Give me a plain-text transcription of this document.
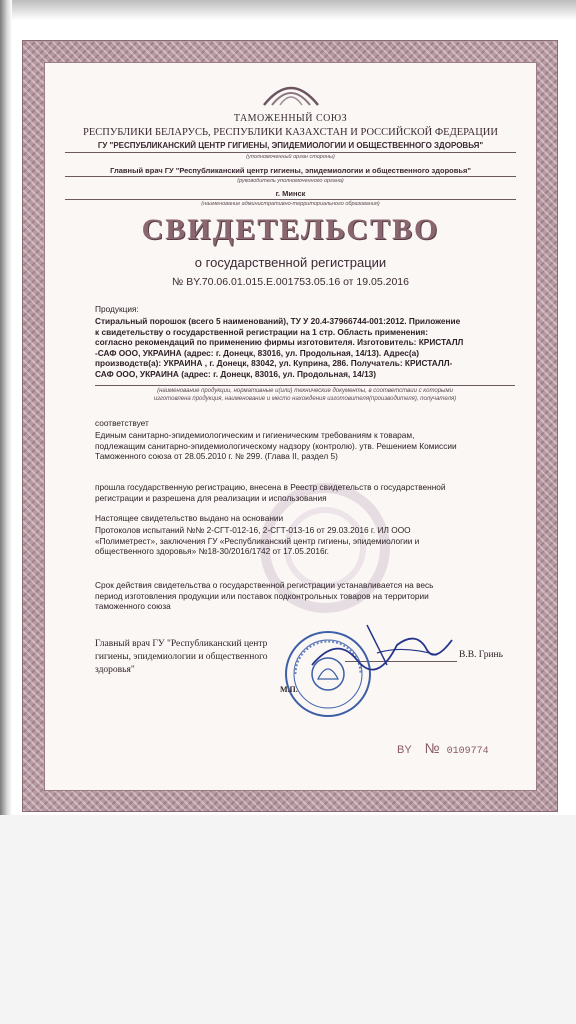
ТАМОЖЕННЫЙ СОЮЗ
РЕСПУБЛИКИ БЕЛАРУСЬ, РЕСПУБЛИКИ КАЗАХСТАН И РОССИЙСКОЙ ФЕДЕРАЦИИ
ГУ "РЕСПУБЛИКАНСКИЙ ЦЕНТР ГИГИЕНЫ, ЭПИДЕМИОЛОГИИ И ОБЩЕСТВЕННОГО ЗДОРОВЬЯ"
(уполномоченный орган стороны)
Главный врач ГУ "Республиканский центр гигиены, эпидемиологии и общественного здоровья"
(руководитель уполномоченного органа)
г. Минск
(наименование административно-территориального образования)
СВИДЕТЕЛЬСТВО
о государственной регистрации
№ BY.70.06.01.015.E.001753.05.16 от 19.05.2016
Продукция:
Стиральный порошок (всего 5 наименований), ТУ У 20.4-37966744-001:2012. Приложение
к свидетельству о государственной регистрации на 1 стр. Область применения:
согласно рекомендаций по применению фирмы изготовителя. Изготовитель: КРИСТАЛЛ
-САФ ООО, УКРАИНА (адрес: г. Донецк, 83016, ул. Продольная, 14/13). Адрес(а)
производств(а): УКРАИНА , г. Донецк, 83042, ул. Куприна, 286. Получатель: КРИСТАЛЛ-
САФ ООО, УКРАИНА (адрес: г. Донецк, 83016, ул. Продольная, 14/13)
(наименование продукции, нормативные и(или) технические документы, в соответствии с которыми
изготовлена продукция, наименование и место нахождения изготовителя(производителя), получателя)
соответствует
Единым санитарно-эпидемиологическим и гигиеническим требованиям к товарам,
подлежащим санитарно-эпидемиологическому надзору (контролю). утв. Решением Комиссии
Таможенного союза от 28.05.2010 г. № 299. (Глава II, раздел 5)
прошла государственную регистрацию, внесена в Реестр свидетельств о государственной
регистрации и разрешена для реализации и использования
Настоящее свидетельство выдано на основании
Протоколов испытаний №№ 2-СГТ-012-16, 2-СГТ-013-16 от 29.03.2016 г. ИЛ ООО
«Полиметрест», заключения ГУ «Республиканский центр гигиены, эпидемиологии и
общественного здоровья» №18-30/2016/1742 от 17.05.2016г.
Срок действия свидетельства о государственной регистрации устанавливается на весь
период изготовления продукции или поставок подконтрольных товаров на территории
таможенного союза
Главный врач ГУ "Республиканский центр
гигиены, эпидемиологии и общественного
здоровья"
В.В. Гринь
М.П.
BY № 0109774
